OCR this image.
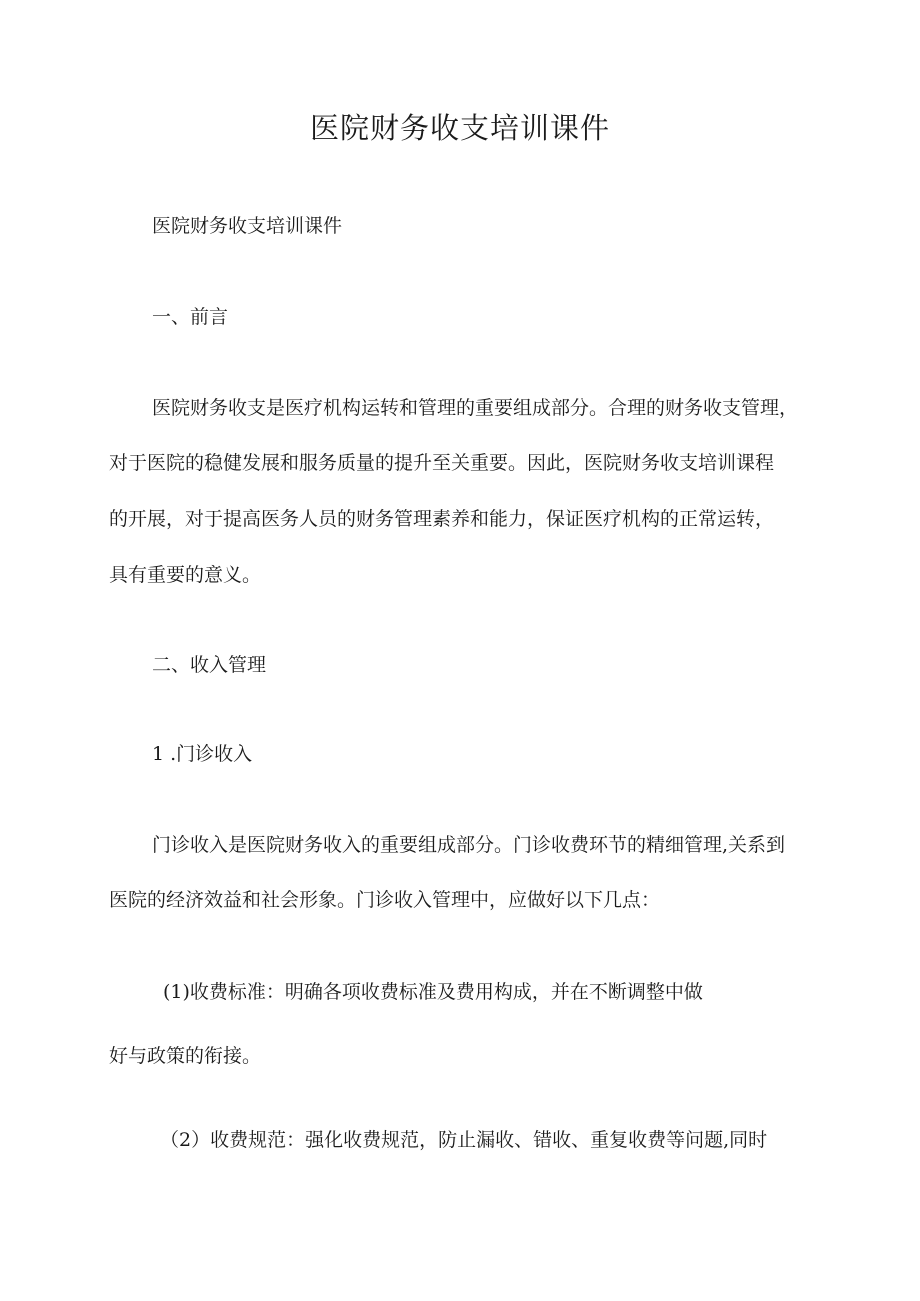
医院财务收支培训课件
医院财务收支培训课件
一、前言
医院财务收支是医疗机构运转和管理的重要组成部分。合理的财务收支管理，
对于医院的稳健发展和服务质量的提升至关重要。因此，医院财务收支培训课程
的开展，对于提高医务人员的财务管理素养和能力，保证医疗机构的正常运转，
具有重要的意义。
二、收入管理
1 .门诊收入
门诊收入是医院财务收入的重要组成部分。门诊收费环节的精细管理,关系到
医院的经济效益和社会形象。门诊收入管理中，应做好以下几点：
(1)收费标准：明确各项收费标准及费用构成，并在不断调整中做
好与政策的衔接。
（2）收费规范：强化收费规范，防止漏收、错收、重复收费等问题,同时
